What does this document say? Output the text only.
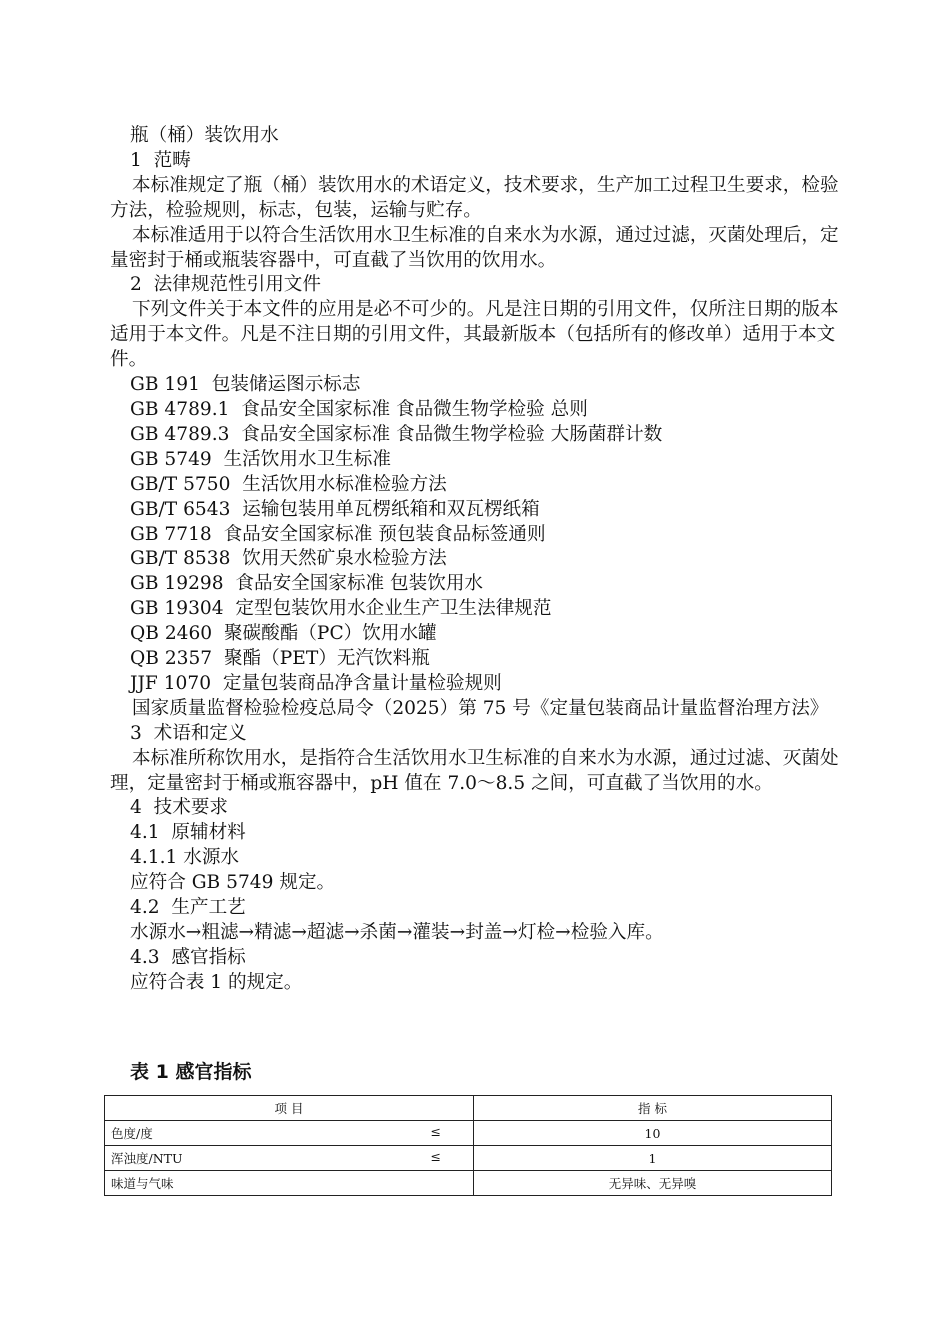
瓶（桶）装饮用水
1  范畴
本标准规定了瓶（桶）装饮用水的术语定义，技术要求，生产加工过程卫生要求，检验方法，检验规则，标志，包装，运输与贮存。
本标准适用于以符合生活饮用水卫生标准的自来水为水源，通过过滤，灭菌处理后，定量密封于桶或瓶装容器中，可直截了当饮用的饮用水。
2  法律规范性引用文件
下列文件关于本文件的应用是必不可少的。凡是注日期的引用文件，仅所注日期的版本适用于本文件。凡是不注日期的引用文件，其最新版本（包括所有的修改单）适用于本文件。
GB 191  包装储运图示标志
GB 4789.1  食品安全国家标准 食品微生物学检验 总则
GB 4789.3  食品安全国家标准 食品微生物学检验 大肠菌群计数
GB 5749  生活饮用水卫生标准
GB/T 5750  生活饮用水标准检验方法
GB/T 6543  运输包装用单瓦楞纸箱和双瓦楞纸箱
GB 7718  食品安全国家标准 预包装食品标签通则
GB/T 8538  饮用天然矿泉水检验方法
GB 19298  食品安全国家标准 包装饮用水
GB 19304  定型包装饮用水企业生产卫生法律规范
QB 2460  聚碳酸酯（PC）饮用水罐
QB 2357  聚酯（PET）无汽饮料瓶
JJF 1070  定量包装商品净含量计量检验规则
国家质量监督检验检疫总局令（2025）第 75 号《定量包装商品计量监督治理方法》
3  术语和定义
本标准所称饮用水，是指符合生活饮用水卫生标准的自来水为水源，通过过滤、灭菌处理，定量密封于桶或瓶容器中，pH 值在 7.0～8.5 之间，可直截了当饮用的水。
4  技术要求
4.1  原辅材料
4.1.1 水源水
应符合 GB 5749 规定。
4.2  生产工艺
水源水→粗滤→精滤→超滤→杀菌→灌装→封盖→灯检→检验入库。
4.3  感官指标
应符合表 1 的规定。
表 1 感官指标
项 目	指 标

色度/度 ≤	10

浑浊度/NTU ≤	1

味道与气味	无异味、无异嗅
